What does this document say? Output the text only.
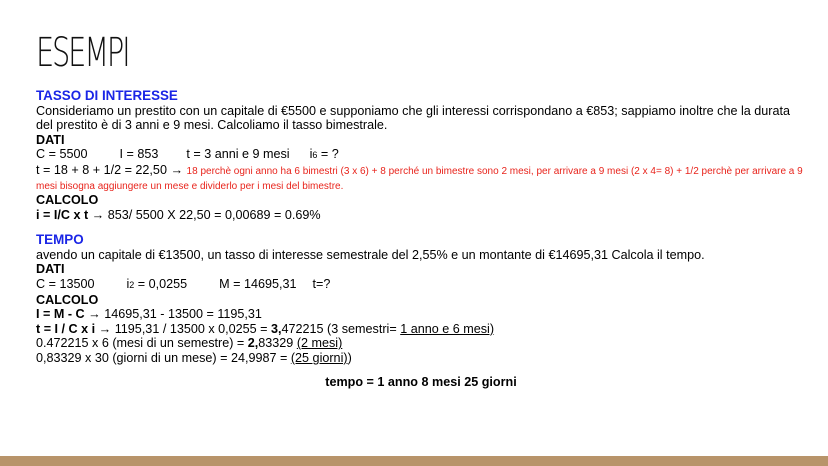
ESEMPI

TASSO DI INTERESSE

Consideriamo un prestito con un capitale di €5500 e supponiamo che gli interessi corrispondano a €853; sappiamo inoltre che la durata del prestito è di 3 anni e 9 mesi. Calcoliamo il tasso bimestrale.

DATI

C = 5500	I = 853 t = 3 anni e 9 mesi i6 = ?

t = 18 + 8 + 1/2 = 22,50 → 18 perchè ogni anno ha 6 bimestri (3 x 6) + 8 perché un bimestre sono 2 mesi, per arrivare a 9 mesi (2 x 4= 8) + 1/2 perchè per arrivare a 9 mesi bisogna aggiungere un mese e dividerlo per i mesi del bimestre.

CALCOLO

i = I/C x t → 853/ 5500 X 22,50 = 0,00689 = 0.69%

TEMPO

avendo un capitale di €13500, un tasso di interesse semestrale del 2,55% e un montante di €14695,31 Calcola il tempo.

DATI

C = 13500	i2 = 0,0255	M = 14695,31 t=?

CALCOLO

I = M - C → 14695,31 - 13500 = 1195,31

t = I / C x i → 1195,31 / 13500 x 0,0255 = 3,472215 (3 semestri= 1 anno e 6 mesi)

0.472215 x 6 (mesi di un semestre) = 2,83329 (2 mesi)

0,83329 x 30 (giorni di un mese) = 24,9987 = (25 giorni))

tempo = 1 anno 8 mesi 25 giorni
